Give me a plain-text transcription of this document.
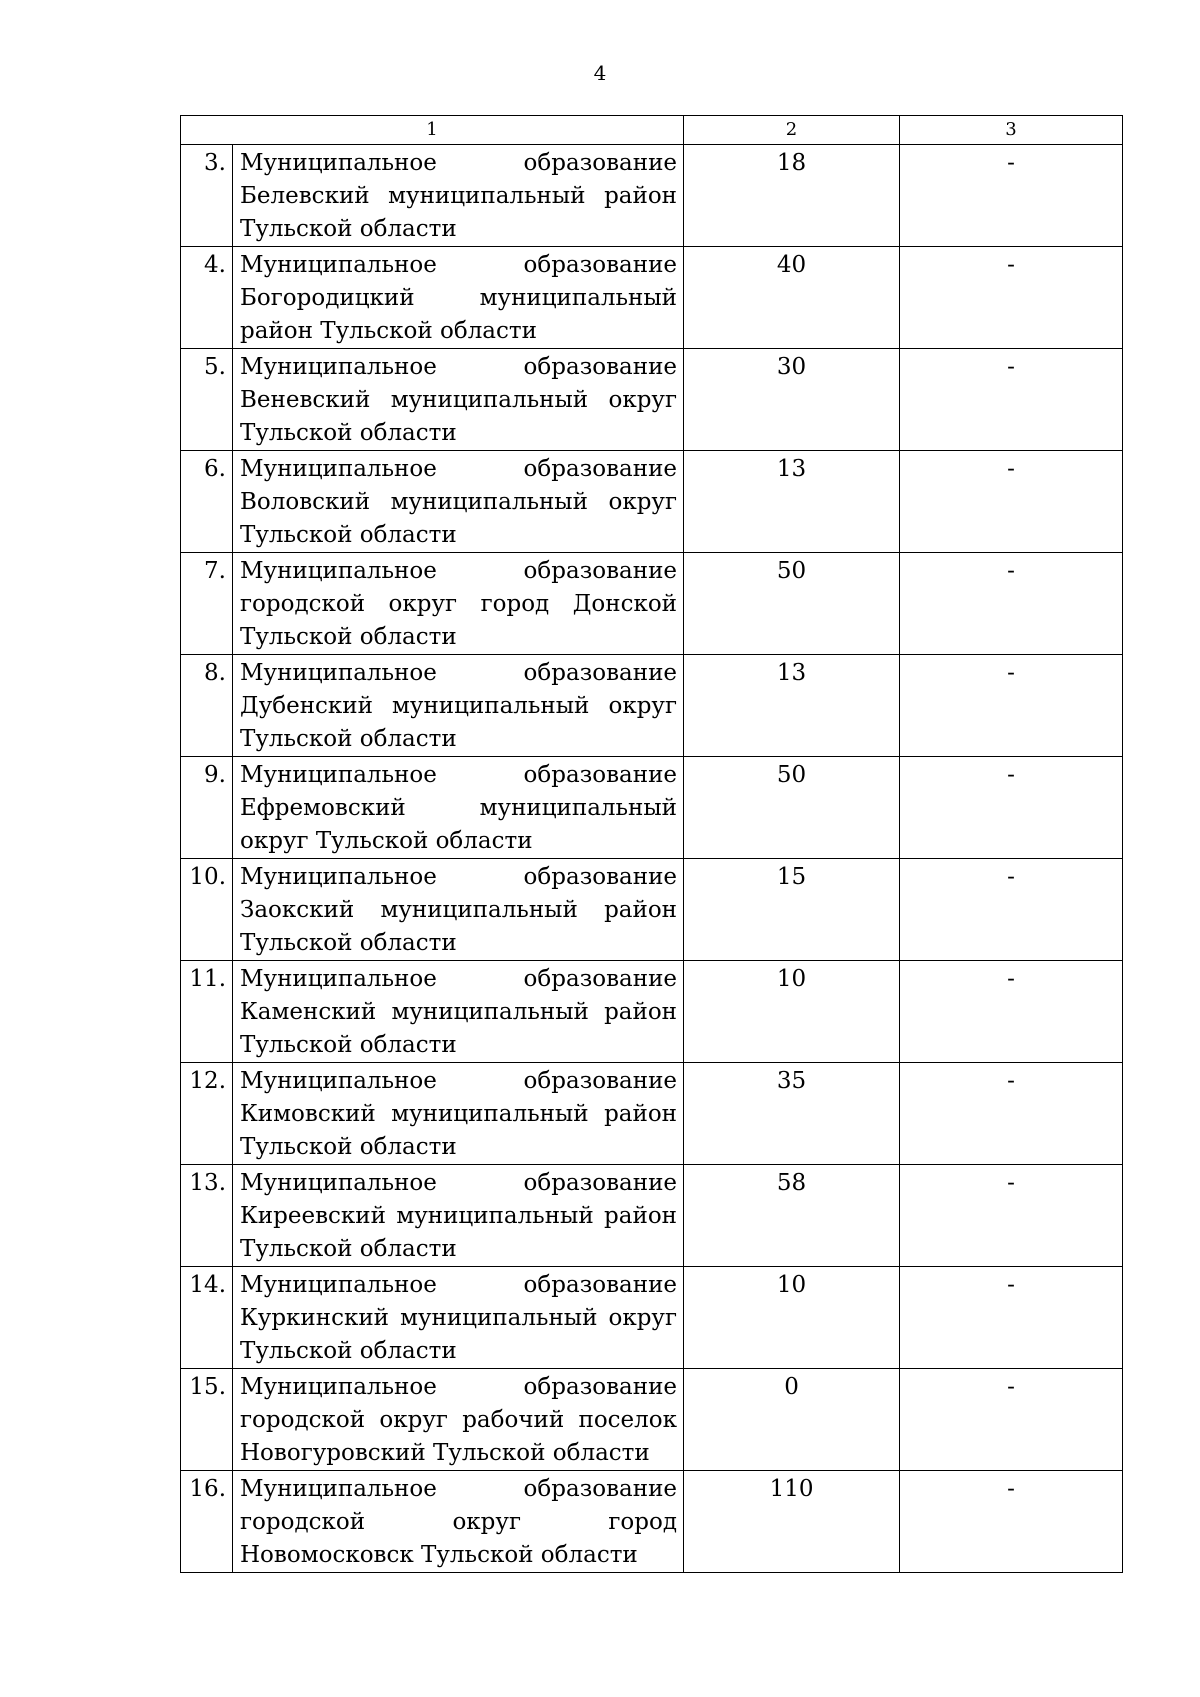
4
1		2	3
3.	Муниципальное образование Белевский муниципальный район Тульской области	18	-
4.	Муниципальное образование Богородицкий муниципальный район Тульской области	40	-
5.	Муниципальное образование Веневский муниципальный округ Тульской области	30	-
6.	Муниципальное образование Воловский муниципальный округ Тульской области	13	-
7.	Муниципальное образование городской округ город Донской Тульской области	50	-
8.	Муниципальное образование Дубенский муниципальный округ Тульской области	13	-
9.	Муниципальное образование Ефремовский муниципальный округ Тульской области	50	-
10.	Муниципальное образование Заокский муниципальный район Тульской области	15	-
11.	Муниципальное образование Каменский муниципальный район Тульской области	10	-
12.	Муниципальное образование Кимовский муниципальный район Тульской области	35	-
13.	Муниципальное образование Киреевский муниципальный район Тульской области	58	-
14.	Муниципальное образование Куркинский муниципальный округ Тульской области	10	-
15.	Муниципальное образование городской округ рабочий поселок Новогуровский Тульской области	0	-
16.	Муниципальное образование городской округ город Новомосковск Тульской области	110	-
